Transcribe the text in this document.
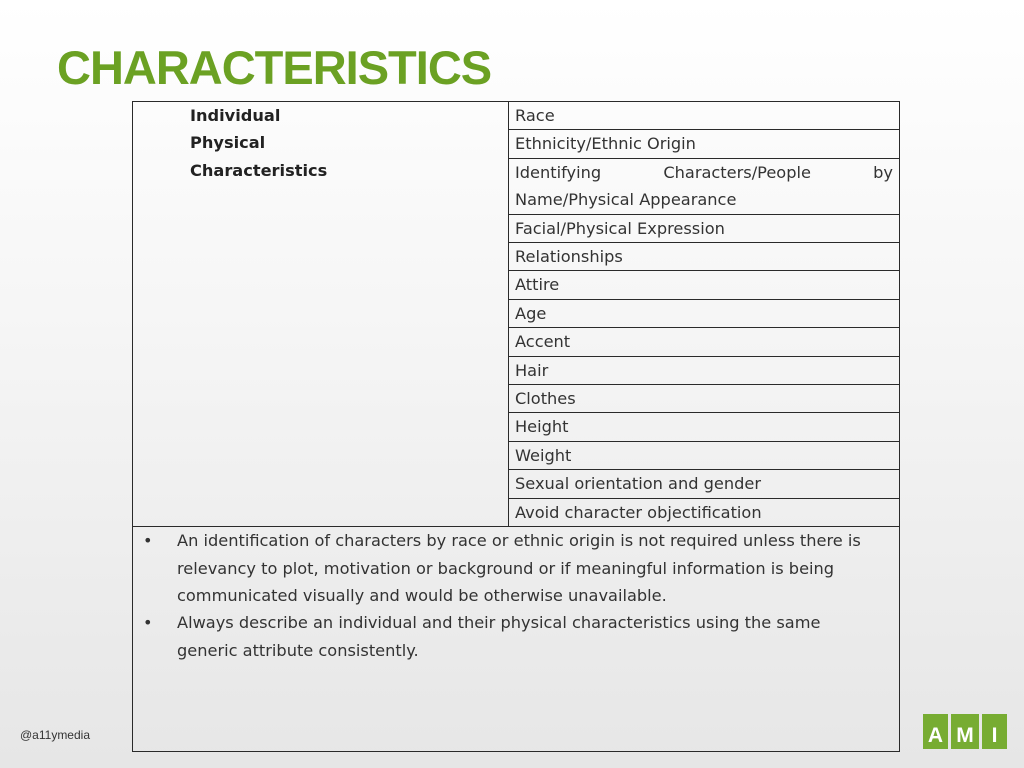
CHARACTERISTICS
Individual
Physical
Characteristics
	Race
Ethnicity/Ethnic Origin
Identifying Characters/People by Name/Physical Appearance
Facial/Physical Expression
Relationships
Attire
Age
Accent
Hair
Clothes
Height
Weight
Sexual orientation and gender
Avoid character objectification

• An identification of characters by race or ethnic origin is not required unless there is relevancy to plot, motivation or background or if meaningful information is being communicated visually and would be otherwise unavailable.
• Always describe an individual and their physical characteristics using the same generic attribute consistently.
@a11ymedia	A M I
